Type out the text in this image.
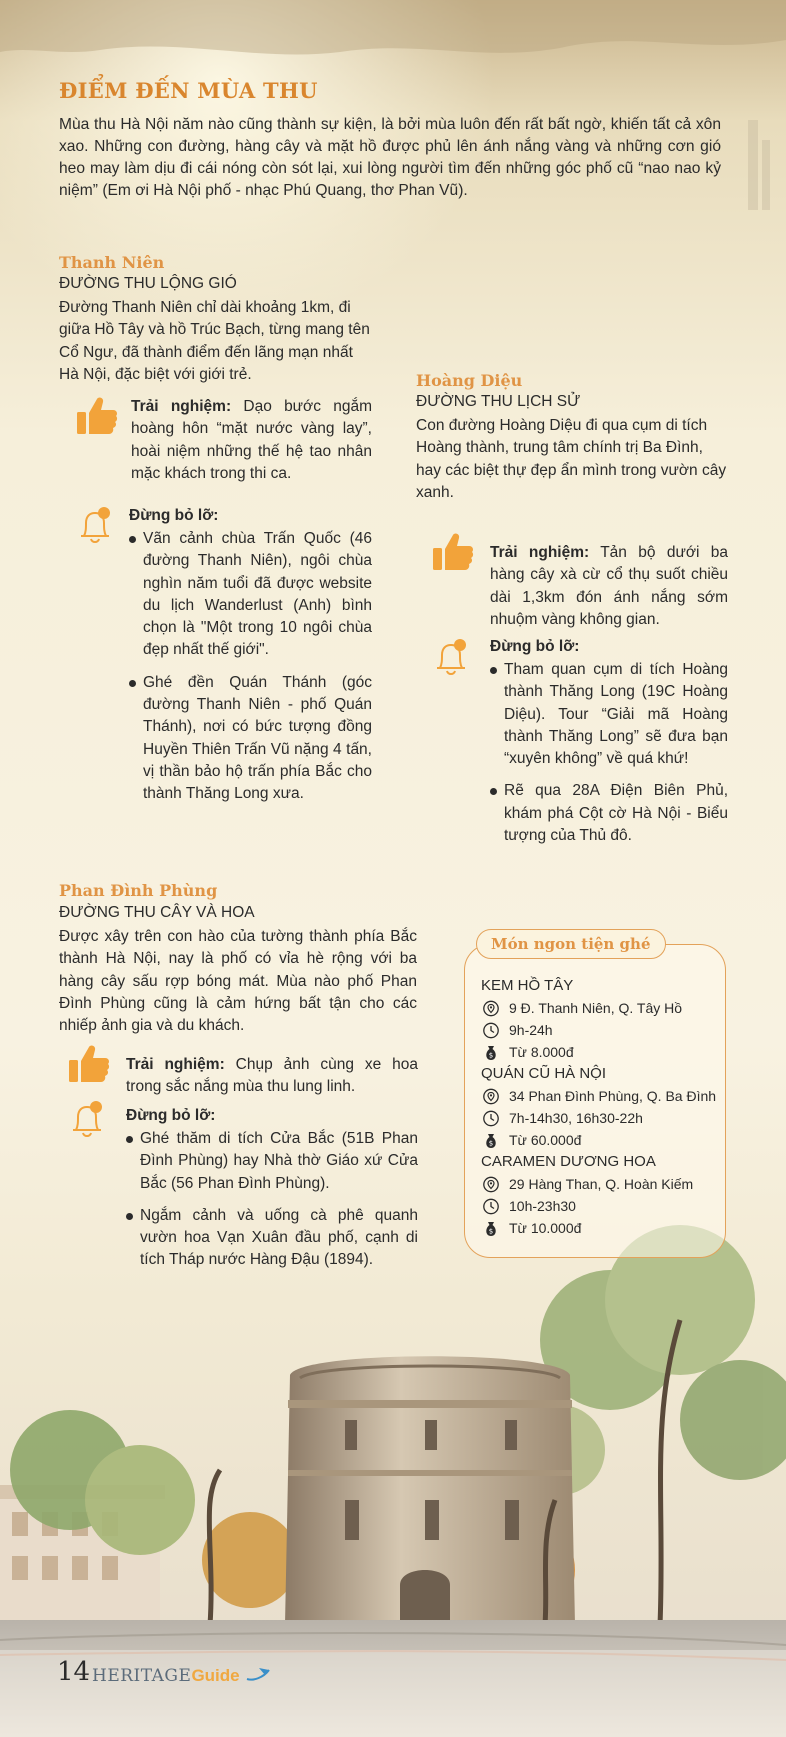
ĐIỂM ĐẾN MÙA THU

Mùa thu Hà Nội năm nào cũng thành sự kiện, là bởi mùa luôn đến rất bất ngờ, khiến tất cả xôn xao. Những con đường, hàng cây và mặt hồ được phủ lên ánh nắng vàng và những cơn gió heo may làm dịu đi cái nóng còn sót lại, xui lòng người tìm đến những góc phố cũ “nao nao kỷ niệm” (Em ơi Hà Nội phố - nhạc Phú Quang, thơ Phan Vũ).

Thanh Niên

ĐƯỜNG THU LỘNG GIÓ

Đường Thanh Niên chỉ dài khoảng 1km, đi giữa Hồ Tây và hồ Trúc Bạch, từng mang tên Cổ Ngư, đã thành điểm đến lãng mạn nhất Hà Nội, đặc biệt với giới trẻ.

Trải nghiệm: Dạo bước ngắm hoàng hôn “mặt nước vàng lay”, hoài niệm những thế hệ tao nhân mặc khách trong thi ca.
Đừng bỏ lỡ:
Vãn cảnh chùa Trấn Quốc (46 đường Thanh Niên), ngôi chùa nghìn năm tuổi đã được website du lịch Wanderlust (Anh) bình chọn là "Một trong 10 ngôi chùa đẹp nhất thế giới".
Ghé đền Quán Thánh (góc đường Thanh Niên - phố Quán Thánh), nơi có bức tượng đồng Huyền Thiên Trấn Vũ nặng 4 tấn, vị thần bảo hộ trấn phía Bắc cho thành Thăng Long xưa.
Hoàng Diệu

ĐƯỜNG THU LỊCH SỬ

Con đường Hoàng Diệu đi qua cụm di tích Hoàng thành, trung tâm chính trị Ba Đình, hay các biệt thự đẹp ẩn mình trong vườn cây xanh.

Trải nghiệm: Tản bộ dưới ba hàng cây xà cừ cổ thụ suốt chiều dài 1,3km đón ánh nắng sớm nhuộm vàng không gian.
Đừng bỏ lỡ:
Tham quan cụm di tích Hoàng thành Thăng Long (19C Hoàng Diệu). Tour “Giải mã Hoàng thành Thăng Long” sẽ đưa bạn “xuyên không” về quá khứ!
Rẽ qua 28A Điện Biên Phủ, khám phá Cột cờ Hà Nội - Biểu tượng của Thủ đô.
Phan Đình Phùng

ĐƯỜNG THU CÂY VÀ HOA

Được xây trên con hào của tường thành phía Bắc thành Hà Nội, nay là phố có vỉa hè rộng với ba hàng cây sấu rợp bóng mát. Mùa nào phố Phan Đình Phùng cũng là cảm hứng bất tận cho các nhiếp ảnh gia và du khách.

Trải nghiệm: Chụp ảnh cùng xe hoa trong sắc nắng mùa thu lung linh.
Đừng bỏ lỡ:
Ghé thăm di tích Cửa Bắc (51B Phan Đình Phùng) hay Nhà thờ Giáo xứ Cửa Bắc (56 Phan Đình Phùng).
Ngắm cảnh và uống cà phê quanh vườn hoa Vạn Xuân đầu phố, cạnh di tích Tháp nước Hàng Đậu (1894).
Món ngon tiện ghé
KEM HỒ TÂY
9 Đ. Thanh Niên, Q. Tây Hồ
9h-24h
$ Từ 8.000đ
QUÁN CŨ HÀ NỘI
34 Phan Đình Phùng, Q. Ba Đình
7h-14h30, 16h30-22h
$ Từ 60.000đ
CARAMEN DƯƠNG HOA
29 Hàng Than, Q. Hoàn Kiếm
10h-23h30
$ Từ 10.000đ
14 HERITAGEGuide
